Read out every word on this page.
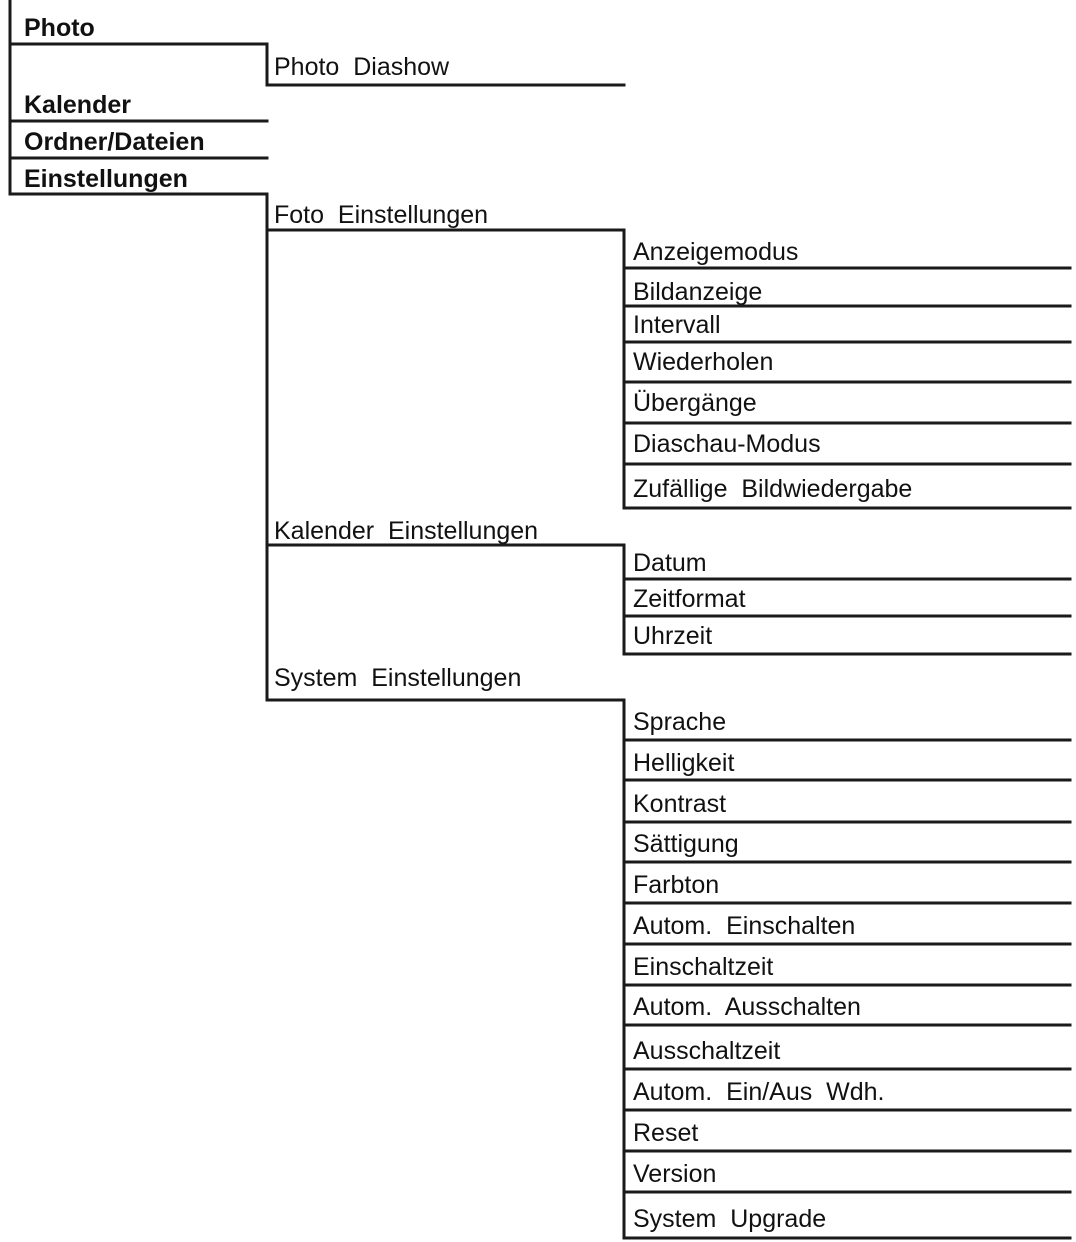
Photo
Kalender
Ordner/Dateien
Einstellungen
Photo  Diashow
Foto  Einstellungen
Anzeigemodus
Bildanzeige
Intervall
Wiederholen
Übergänge
Diaschau-Modus
Zufällige  Bildwiedergabe
Kalender  Einstellungen
Datum
Zeitformat
Uhrzeit
System  Einstellungen
Sprache
Helligkeit
Kontrast
Sättigung
Farbton
Autom.  Einschalten
Einschaltzeit
Autom.  Ausschalten
Ausschaltzeit
Autom.  Ein/Aus  Wdh.
Reset
Version
System  Upgrade
